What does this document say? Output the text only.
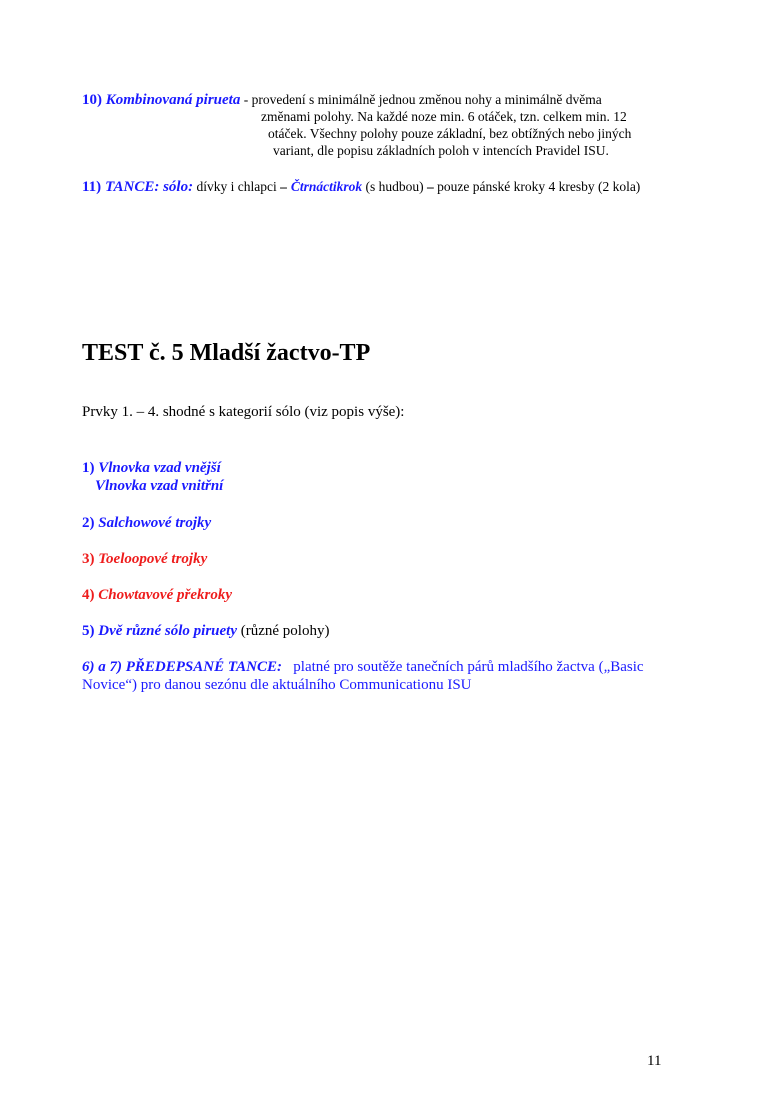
10) Kombinovaná pirueta - provedení s minimálně jednou změnou nohy a minimálně dvěma
změnami polohy. Na každé noze min. 6 otáček, tzn. celkem min. 12
otáček. Všechny polohy pouze základní, bez obtížných nebo jiných
variant, dle popisu základních poloh v intencích Pravidel ISU.
11) TANCE: sólo: dívky i chlapci – Čtrnáctikrok (s hudbou) – pouze pánské kroky 4 kresby (2 kola)
TEST č. 5 Mladší žactvo-TP
Prvky 1. – 4. shodné s kategorií sólo (viz popis výše):
1) Vlnovka vzad vnější
Vlnovka vzad vnitřní
2) Salchowové trojky
3) Toeloopové trojky
4) Chowtavové překroky
5) Dvě různé sólo piruety (různé polohy)
6) a 7) PŘEDEPSANÉ TANCE:   platné pro soutěže tanečních párů mladšího žactva („Basic
Novice“) pro danou sezónu dle aktuálního Communicationu ISU
11
